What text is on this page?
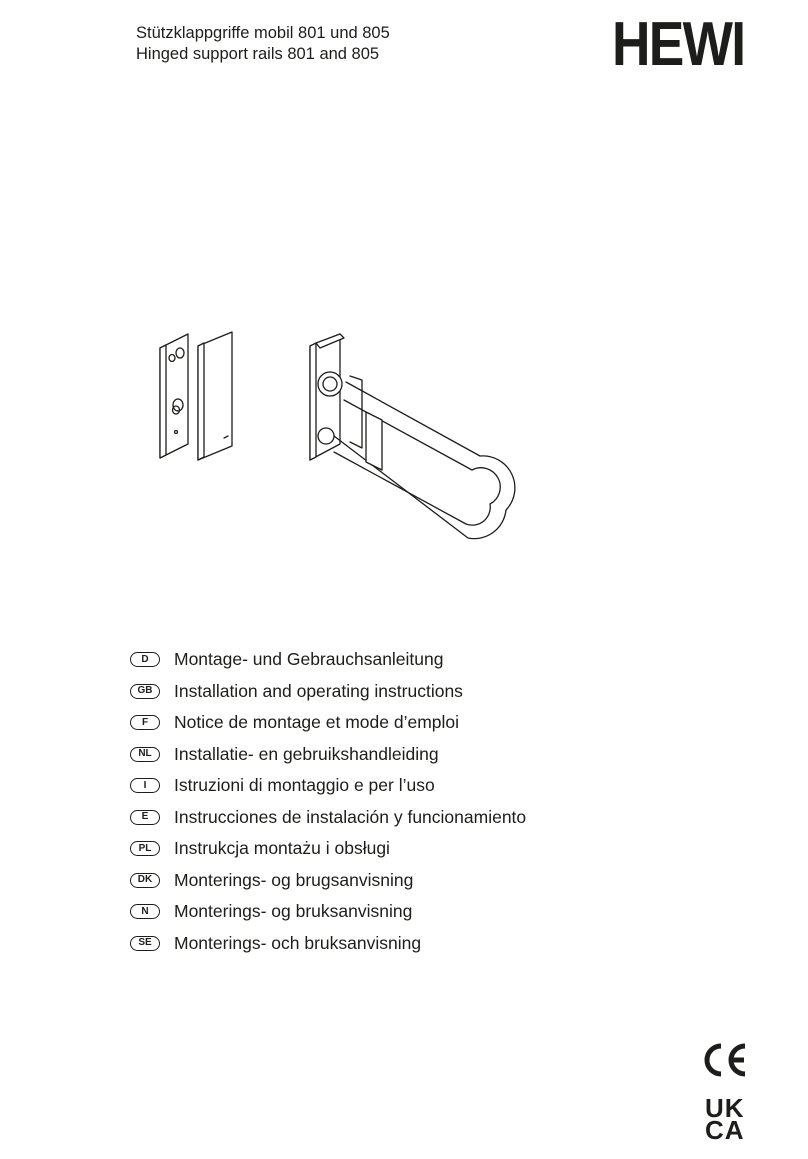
Stützklappgriffe mobil 801 und 805
Hinged support rails 801 and 805	HEWI
D	Montage- und Gebrauchsanleitung
GB	Installation and operating instructions
F	Notice de montage et mode d’emploi
NL	Installatie- en gebruikshandleiding
I	Istruzioni di montaggio e per l’uso
E	Instrucciones de instalación y funcionamiento
PL	Instrukcja montażu i obsługi
DK	Monterings- og brugsanvisning
N	Monterings- og bruksanvisning
SE	Monterings- och bruksanvisning
UK
CA
